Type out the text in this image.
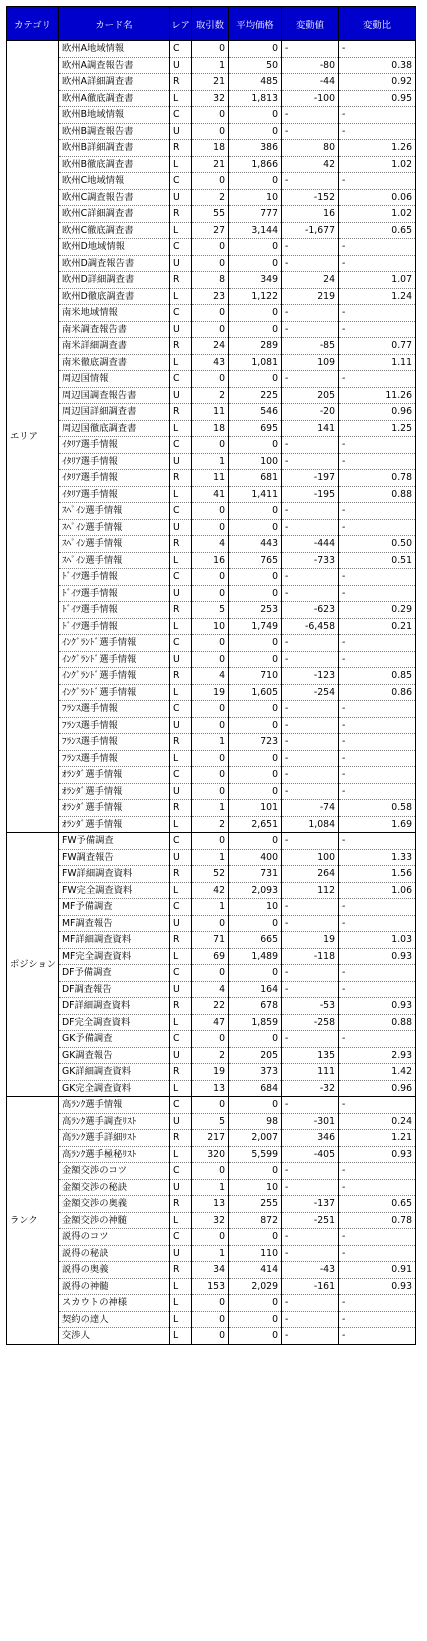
カテゴリ	カード名	レア	取引数	平均価格	変動値	変動比
エリア	欧州A地域情報	C	0	0	-	-

	欧州A調査報告書	U	1	50	-80	0.38

	欧州A詳細調査書	R	21	485	-44	0.92

	欧州A徹底調査書	L	32	1,813	-100	0.95

	欧州B地域情報	C	0	0	-	-

	欧州B調査報告書	U	0	0	-	-

	欧州B詳細調査書	R	18	386	80	1.26

	欧州B徹底調査書	L	21	1,866	42	1.02

	欧州C地域情報	C	0	0	-	-

	欧州C調査報告書	U	2	10	-152	0.06

	欧州C詳細調査書	R	55	777	16	1.02

	欧州C徹底調査書	L	27	3,144	-1,677	0.65

	欧州D地域情報	C	0	0	-	-

	欧州D調査報告書	U	0	0	-	-

	欧州D詳細調査書	R	8	349	24	1.07

	欧州D徹底調査書	L	23	1,122	219	1.24

	南米地域情報	C	0	0	-	-

	南米調査報告書	U	0	0	-	-

	南米詳細調査書	R	24	289	-85	0.77

	南米徹底調査書	L	43	1,081	109	1.11

	周辺国情報	C	0	0	-	-

	周辺国調査報告書	U	2	225	205	11.26

	周辺国詳細調査書	R	11	546	-20	0.96

	周辺国徹底調査書	L	18	695	141	1.25

	ｲﾀﾘｱ選手情報	C	0	0	-	-

	ｲﾀﾘｱ選手情報	U	1	100	-	-

	ｲﾀﾘｱ選手情報	R	11	681	-197	0.78

	ｲﾀﾘｱ選手情報	L	41	1,411	-195	0.88

	ｽﾍﾟｲﾝ選手情報	C	0	0	-	-

	ｽﾍﾟｲﾝ選手情報	U	0	0	-	-

	ｽﾍﾟｲﾝ選手情報	R	4	443	-444	0.50

	ｽﾍﾟｲﾝ選手情報	L	16	765	-733	0.51

	ﾄﾞｲﾂ選手情報	C	0	0	-	-

	ﾄﾞｲﾂ選手情報	U	0	0	-	-

	ﾄﾞｲﾂ選手情報	R	5	253	-623	0.29

	ﾄﾞｲﾂ選手情報	L	10	1,749	-6,458	0.21

	ｲﾝｸﾞﾗﾝﾄﾞ選手情報	C	0	0	-	-

	ｲﾝｸﾞﾗﾝﾄﾞ選手情報	U	0	0	-	-

	ｲﾝｸﾞﾗﾝﾄﾞ選手情報	R	4	710	-123	0.85

	ｲﾝｸﾞﾗﾝﾄﾞ選手情報	L	19	1,605	-254	0.86

	ﾌﾗﾝｽ選手情報	C	0	0	-	-

	ﾌﾗﾝｽ選手情報	U	0	0	-	-

	ﾌﾗﾝｽ選手情報	R	1	723	-	-

	ﾌﾗﾝｽ選手情報	L	0	0	-	-

	ｵﾗﾝﾀﾞ選手情報	C	0	0	-	-

	ｵﾗﾝﾀﾞ選手情報	U	0	0	-	-

	ｵﾗﾝﾀﾞ選手情報	R	1	101	-74	0.58

	ｵﾗﾝﾀﾞ選手情報	L	2	2,651	1,084	1.69

ポジション	FW予備調査	C	0	0	-	-

	FW調査報告	U	1	400	100	1.33

	FW詳細調査資料	R	52	731	264	1.56

	FW完全調査資料	L	42	2,093	112	1.06

	MF予備調査	C	1	10	-	-

	MF調査報告	U	0	0	-	-

	MF詳細調査資料	R	71	665	19	1.03

	MF完全調査資料	L	69	1,489	-118	0.93

	DF予備調査	C	0	0	-	-

	DF調査報告	U	4	164	-	-

	DF詳細調査資料	R	22	678	-53	0.93

	DF完全調査資料	L	47	1,859	-258	0.88

	GK予備調査	C	0	0	-	-

	GK調査報告	U	2	205	135	2.93

	GK詳細調査資料	R	19	373	111	1.42

	GK完全調査資料	L	13	684	-32	0.96

ランク	高ﾗﾝｸ選手情報	C	0	0	-	-

	高ﾗﾝｸ選手調査ﾘｽﾄ	U	5	98	-301	0.24

	高ﾗﾝｸ選手詳細ﾘｽﾄ	R	217	2,007	346	1.21

	高ﾗﾝｸ選手極秘ﾘｽﾄ	L	320	5,599	-405	0.93

	金額交渉のコツ	C	0	0	-	-

	金額交渉の秘訣	U	1	10	-	-

	金額交渉の奥義	R	13	255	-137	0.65

	金額交渉の神髄	L	32	872	-251	0.78

	説得のコツ	C	0	0	-	-

	説得の秘訣	U	1	110	-	-

	説得の奥義	R	34	414	-43	0.91

	説得の神髄	L	153	2,029	-161	0.93

	スカウトの神様	L	0	0	-	-

	契約の達人	L	0	0	-	-

	交渉人	L	0	0	-	-
